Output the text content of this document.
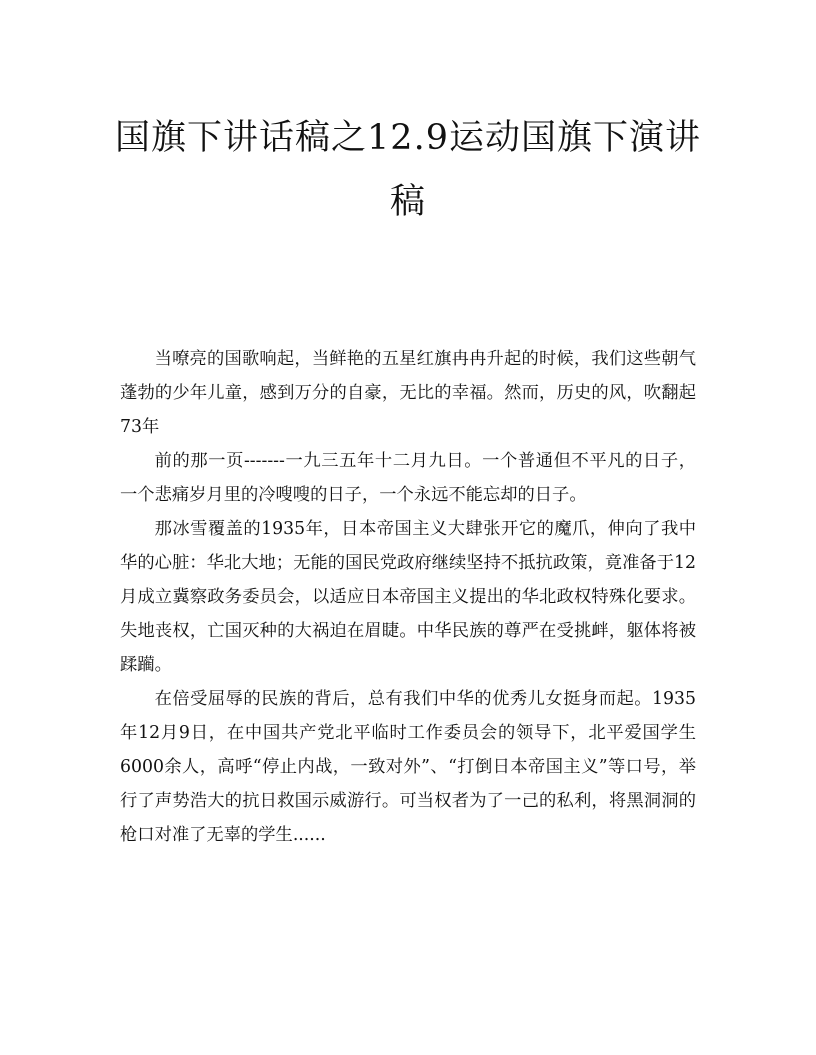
国旗下讲话稿之12.9运动国旗下演讲
稿

当嘹亮的国歌响起，当鲜艳的五星红旗冉冉升起的时候，我们这些朝气蓬勃的少年儿童，感到万分的自豪，无比的幸福。然而，历史的风，吹翻起73年

前的那一页-------一九三五年十二月九日。一个普通但不平凡的日子，一个悲痛岁月里的冷嗖嗖的日子，一个永远不能忘却的日子。

那冰雪覆盖的1935年，日本帝国主义大肆张开它的魔爪，伸向了我中华的心脏：华北大地；无能的国民党政府继续坚持不抵抗政策，竟准备于12月成立冀察政务委员会，以适应日本帝国主义提出的华北政权特殊化要求。失地丧权，亡国灭种的大祸迫在眉睫。中华民族的尊严在受挑衅，躯体将被蹂躏。

在倍受屈辱的民族的背后，总有我们中华的优秀儿女挺身而起。1935年12月9日，在中国共产党北平临时工作委员会的领导下，北平爱国学生6000余人，高呼“停止内战，一致对外”、“打倒日本帝国主义”等口号，举行了声势浩大的抗日救国示威游行。可当权者为了一己的私利，将黑洞洞的枪口对准了无辜的学生......
